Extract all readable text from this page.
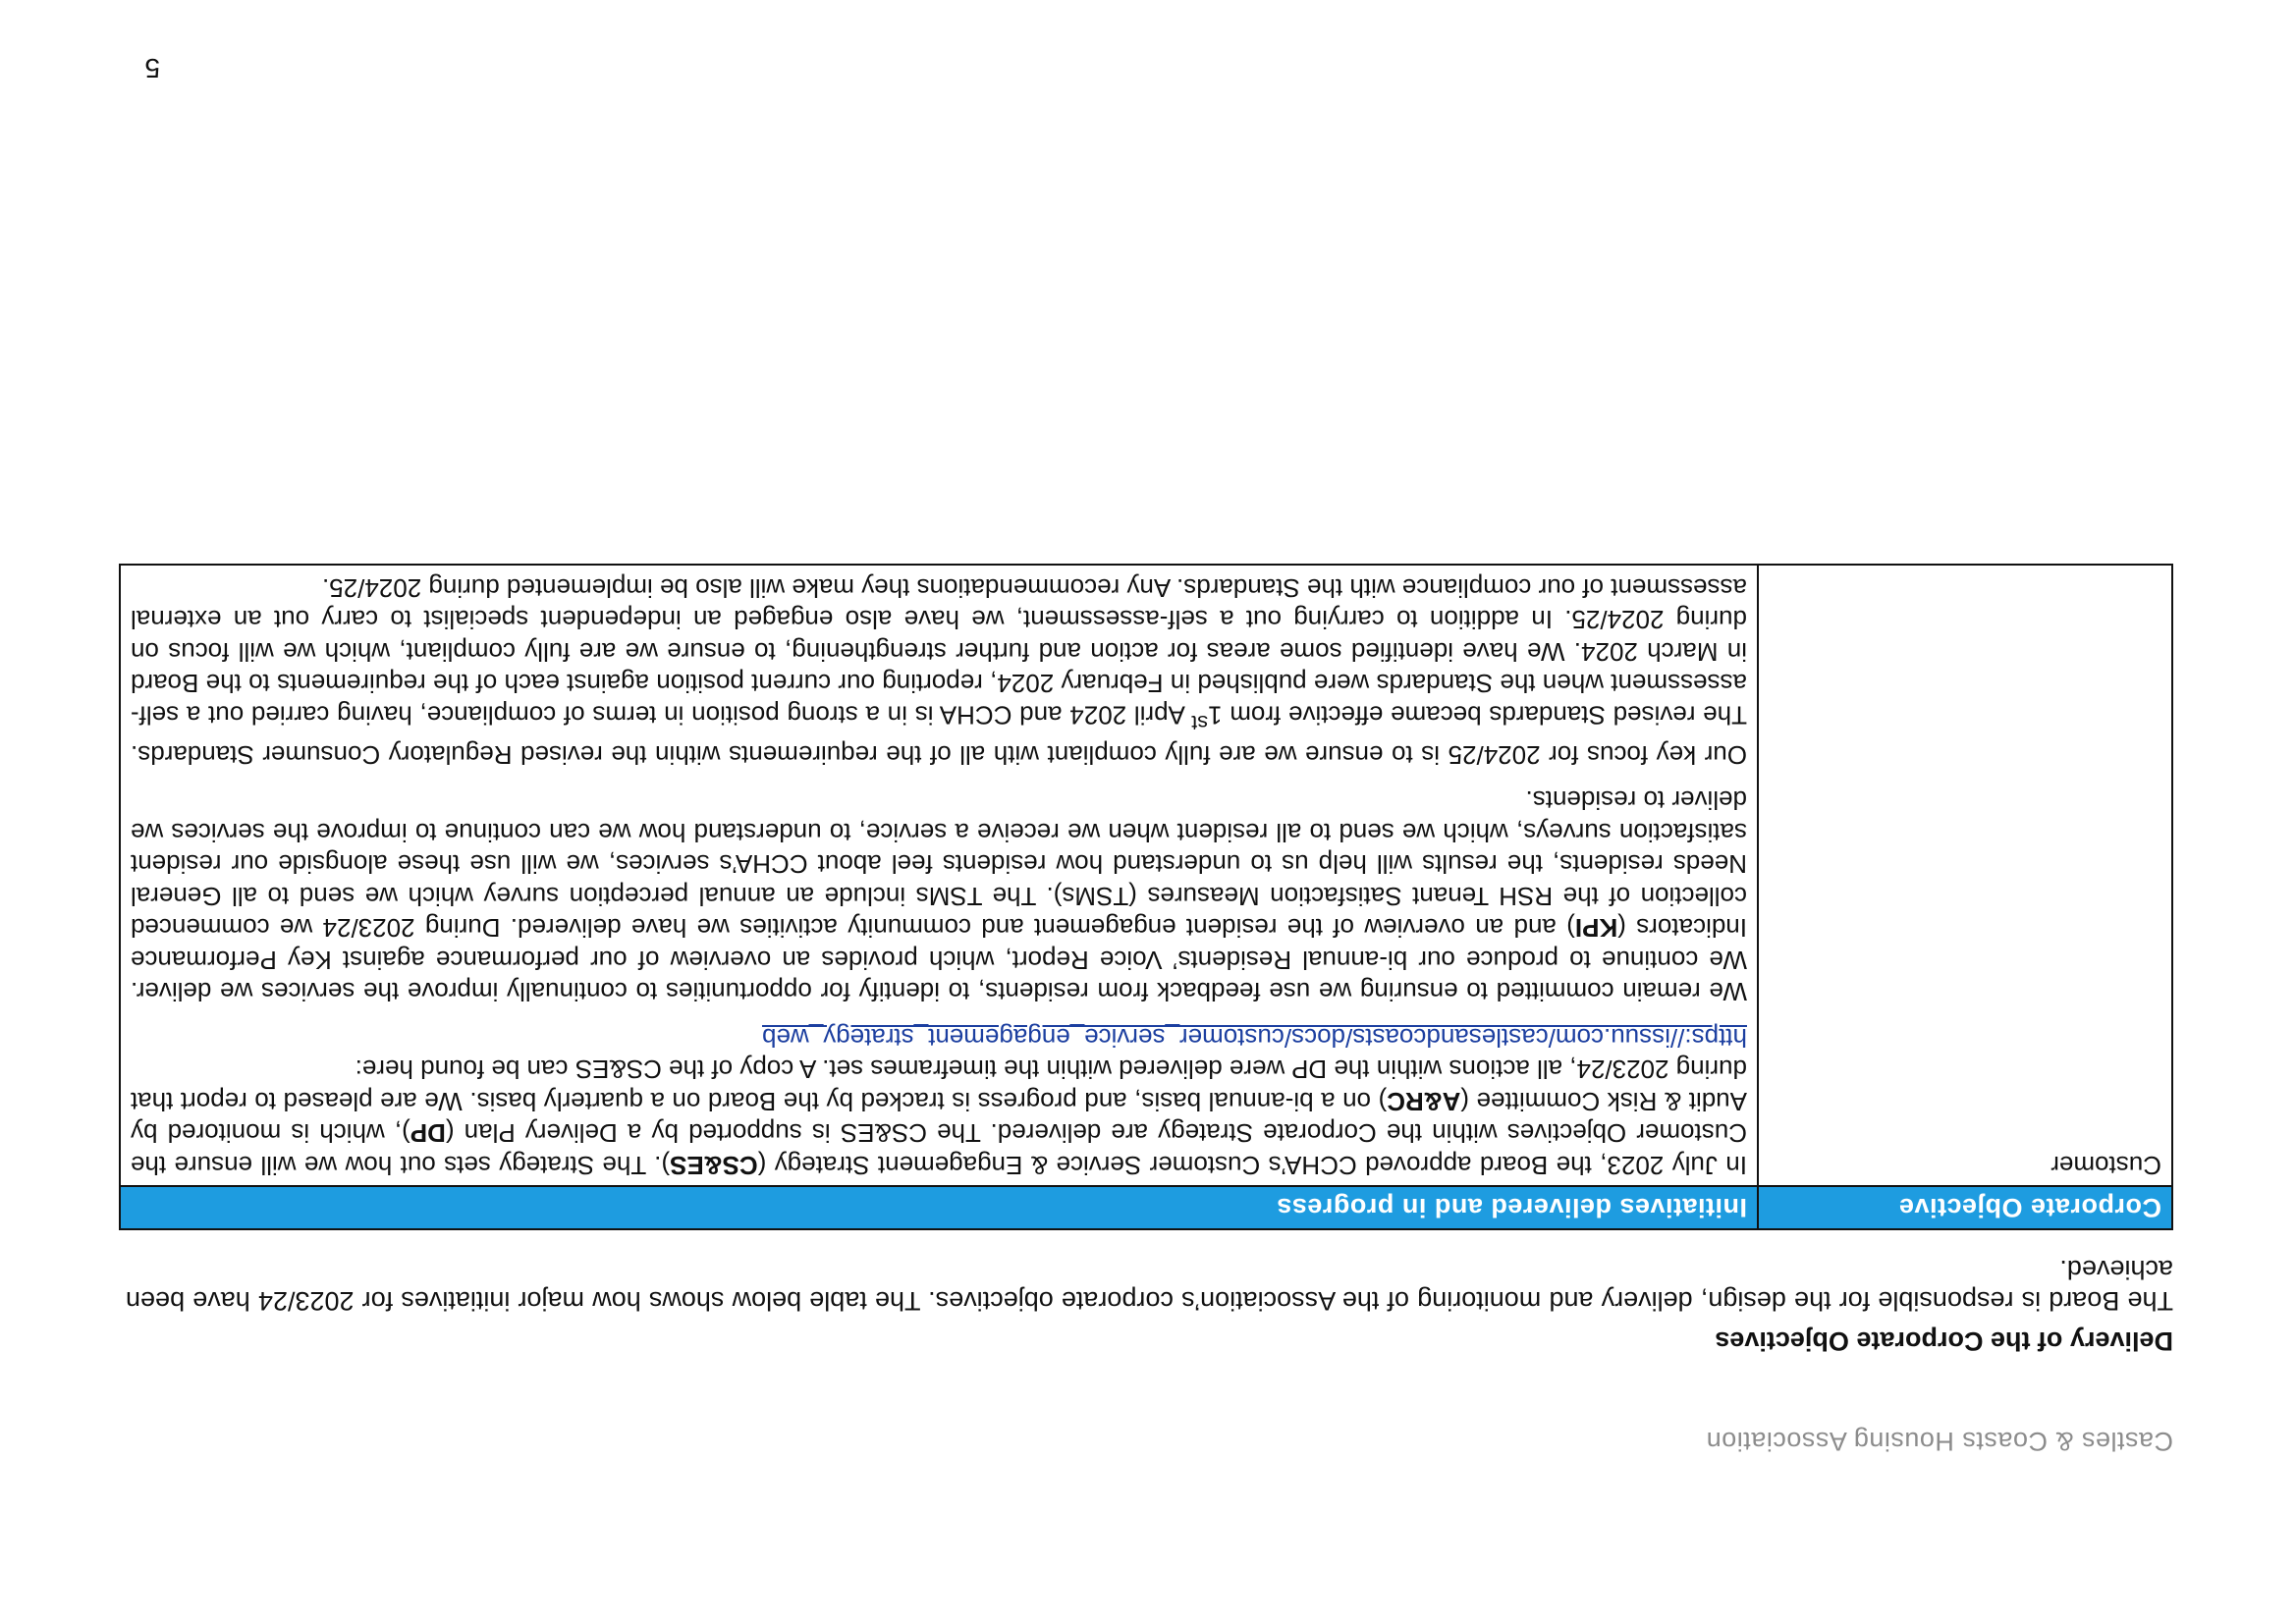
Castles & Coasts Housing Association
Delivery of the Corporate Objectives
The Board is responsible for the design, delivery and monitoring of the Association’s corporate objectives. The table below shows how major initiatives for 2023/24 have been achieved.
Corporate Objective	Initiatives delivered and in progress
Customer	In July 2023, the Board approved CCHA’s Customer Service & Engagement Strategy (CS&ES). The Strategy sets out how we will ensure the Customer Objectives within the Corporate Strategy are delivered. The CS&ES is supported by a Delivery Plan (DP), which is monitored by Audit & Risk Committee (A&RC) on a bi-annual basis, and progress is tracked by the Board on a quarterly basis. We are pleased to report that during 2023/24, all actions within the DP were delivered within the timeframes set. A copy of the CS&ES can be found here:
https://issuu.com/castlesandcoasts/docs/customer_service_engagement_strategy_web

We remain committed to ensuring we use feedback from residents, to identify for opportunities to continually improve the services we deliver. We continue to produce our bi-annual Residents’ Voice Report, which provides an overview of our performance against Key Performance Indicators (KPI) and an overview of the resident engagement and community activities we have delivered. During 2023/24 we commenced collection of the RSH Tenant Satisfaction Measures (TSMs). The TSMs include an annual perception survey which we send to all General Needs residents, the results will help us to understand how residents feel about CCHA’s services, we will use these alongside our resident satisfaction surveys, which we send to all resident when we receive a service, to understand how we can continue to improve the services we deliver to residents.

Our key focus for 2024/25 is to ensure we are fully compliant with all of the requirements within the revised Regulatory Consumer Standards. The revised Standards became effective from 1st April 2024 and CCHA is in a strong position in terms of compliance, having carried out a self-assessment when the Standards were published in February 2024, reporting our current position against each of the requirements to the Board in March 2024. We have identified some areas for action and further strengthening, to ensure we are fully compliant, which we will focus on during 2024/25. In addition to carrying out a self-assessment, we have also engaged an independent specialist to carry out an external assessment of our compliance with the Standards. Any recommendations they make will also be implemented during 2024/25.

5
